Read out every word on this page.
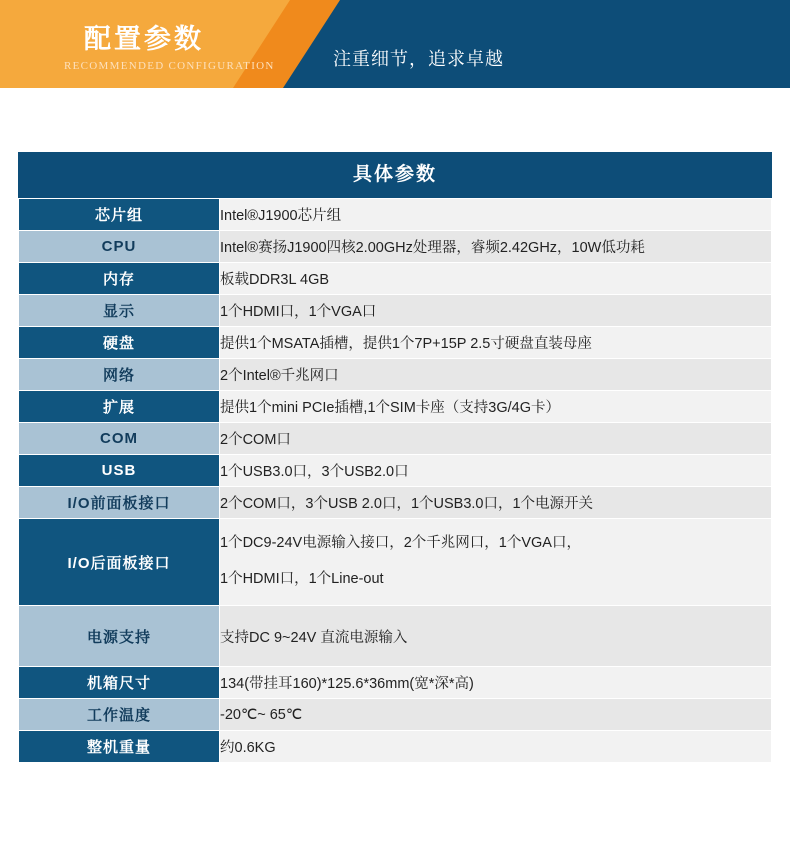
配置参数
RECOMMENDED CONFIGURATION	注重细节，追求卓越
具体参数
芯片组	Intel®J1900芯片组
CPU	Intel®赛扬J1900四核2.00GHz处理器，睿频2.42GHz，10W低功耗
内存	板载DDR3L 4GB
显示	1个HDMI口，1个VGA口
硬盘	提供1个MSATA插槽，提供1个7P+15P 2.5寸硬盘直装母座
网络	2个Intel®千兆网口
扩展	提供1个mini PCIe插槽,1个SIM卡座（支持3G/4G卡）
COM	2个COM口
USB	1个USB3.0口，3个USB2.0口
I/O前面板接口	2个COM口，3个USB 2.0口，1个USB3.0口，1个电源开关
I/O后面板接口	1个DC9-24V电源输入接口，2个千兆网口，1个VGA口，
1个HDMI口，1个Line-out

电源支持	支持DC 9~24V 直流电源输入
机箱尺寸	134(带挂耳160)*125.6*36mm(宽*深*高)
工作温度	-20℃~ 65℃
整机重量	约0.6KG
